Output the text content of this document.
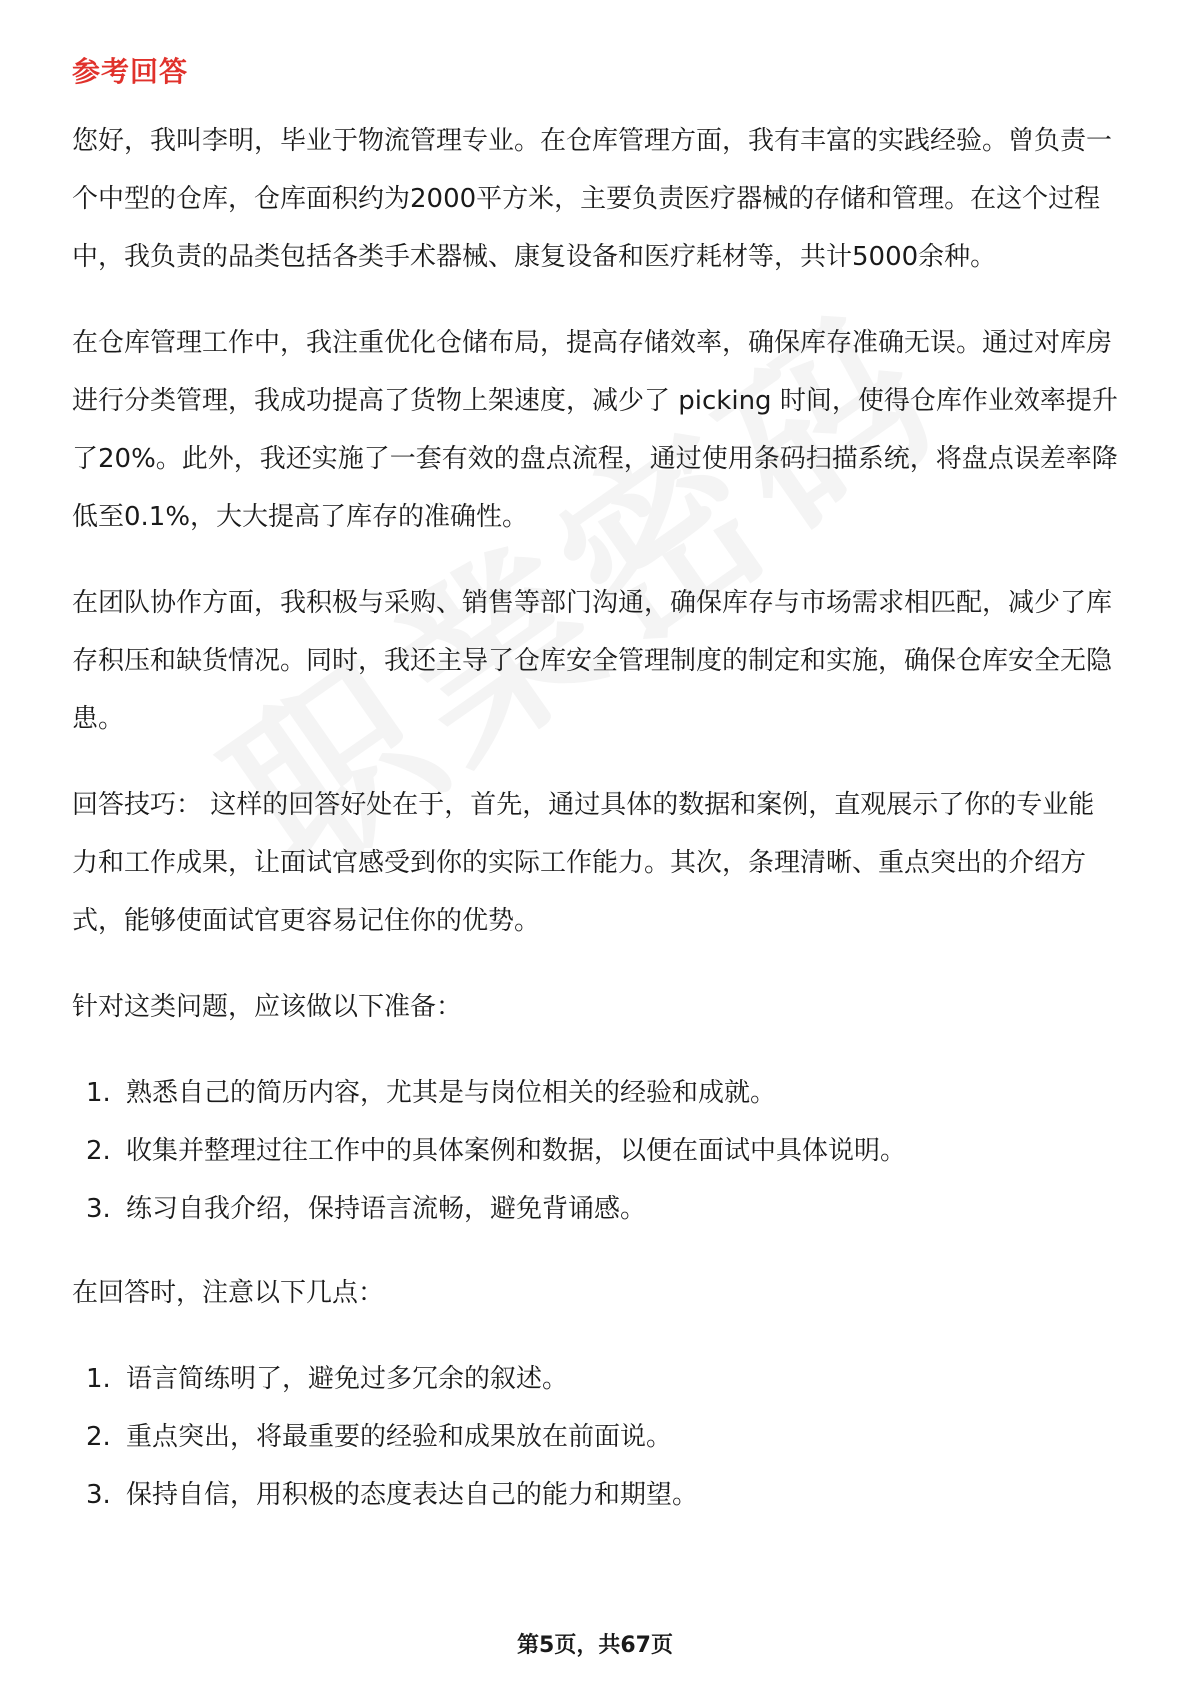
参考回答

您好，我叫李明，毕业于物流管理专业。在仓库管理方面，我有丰富的实践经验。曾负责一个中型的仓库，仓库面积约为2000平方米，主要负责医疗器械的存储和管理。在这个过程中，我负责的品类包括各类手术器械、康复设备和医疗耗材等，共计5000余种。

在仓库管理工作中，我注重优化仓储布局，提高存储效率，确保库存准确无误。通过对库房进行分类管理，我成功提高了货物上架速度，减少了 picking 时间，使得仓库作业效率提升了20%。此外，我还实施了一套有效的盘点流程，通过使用条码扫描系统，将盘点误差率降低至0.1%，大大提高了库存的准确性。

在团队协作方面，我积极与采购、销售等部门沟通，确保库存与市场需求相匹配，减少了库存积压和缺货情况。同时，我还主导了仓库安全管理制度的制定和实施，确保仓库安全无隐患。

回答技巧： 这样的回答好处在于，首先，通过具体的数据和案例，直观展示了你的专业能力和工作成果，让面试官感受到你的实际工作能力。其次，条理清晰、重点突出的介绍方式，能够使面试官更容易记住你的优势。

针对这类问题，应该做以下准备：

1. 熟悉自己的简历内容，尤其是与岗位相关的经验和成就。
2. 收集并整理过往工作中的具体案例和数据，以便在面试中具体说明。
3. 练习自我介绍，保持语言流畅，避免背诵感。

在回答时，注意以下几点：

1. 语言简练明了，避免过多冗余的叙述。
2. 重点突出，将最重要的经验和成果放在前面说。
3. 保持自信，用积极的态度表达自己的能力和期望。
第5页，共67页
